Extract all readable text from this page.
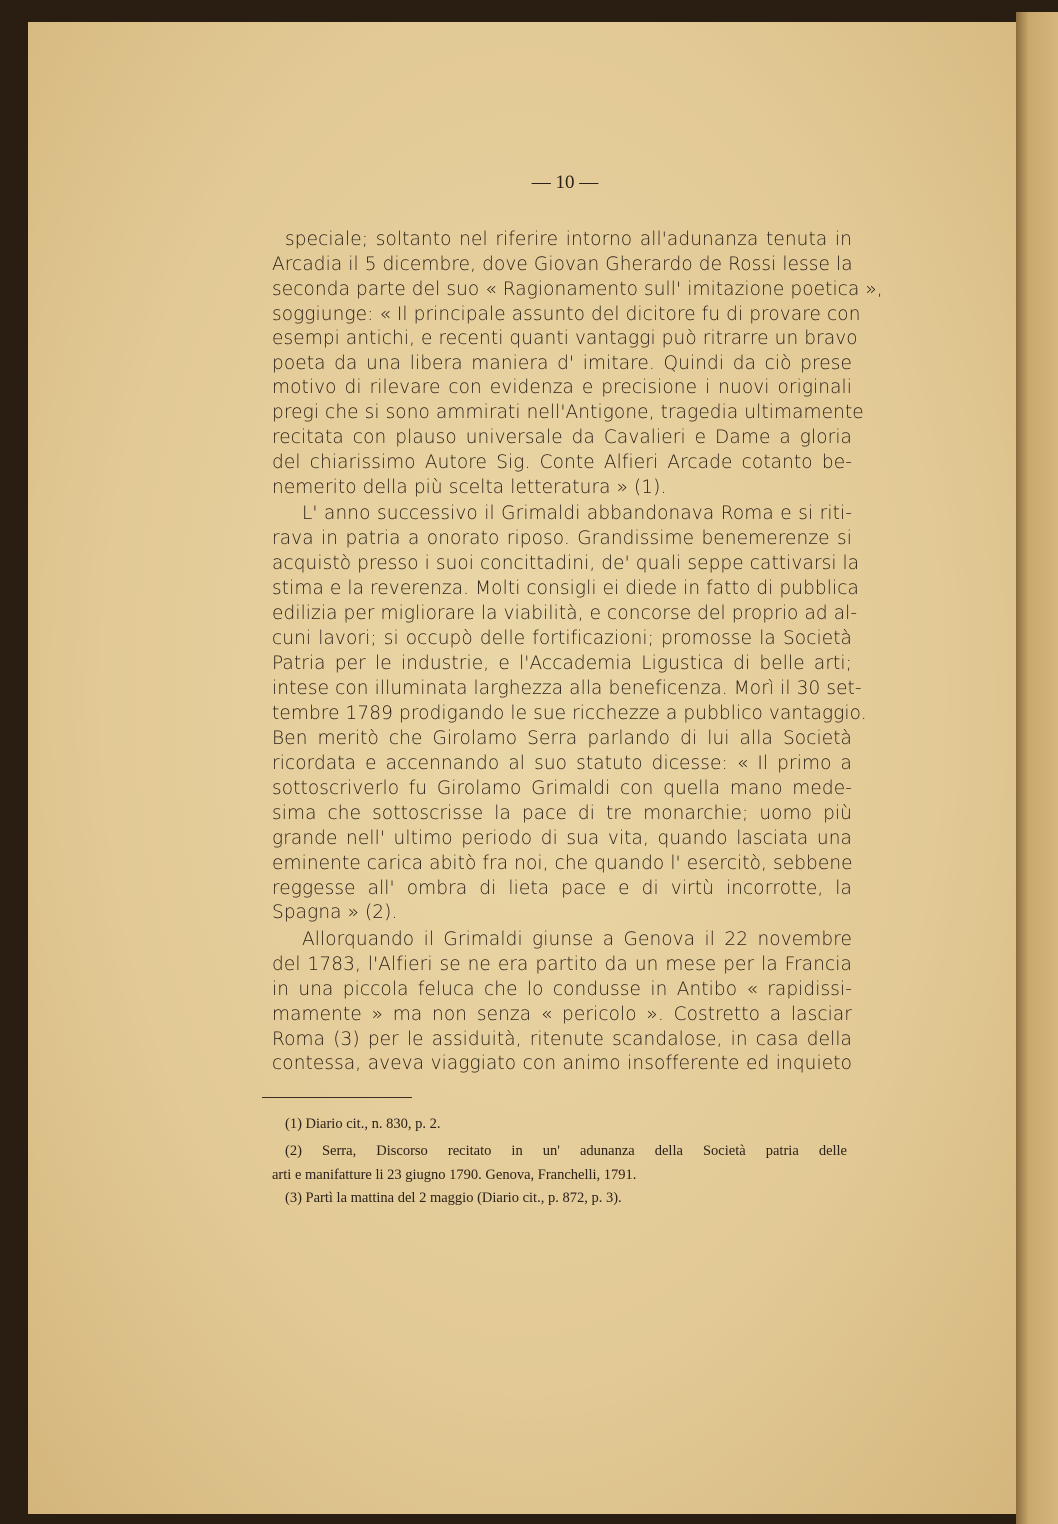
— 10 —
speciale; soltanto nel riferire intorno all'adunanza tenuta in
Arcadia il 5 dicembre, dove Giovan Gherardo de Rossi lesse la
seconda parte del suo « Ragionamento sull' imitazione poetica »,
soggiunge: « Il principale assunto del dicitore fu di provare con
esempi antichi, e recenti quanti vantaggi può ritrarre un bravo
poeta da una libera maniera d' imitare. Quindi da ciò prese
motivo di rilevare con evidenza e precisione i nuovi originali
pregi che si sono ammirati nell'Antigone, tragedia ultimamente
recitata con plauso universale da Cavalieri e Dame a gloria
del chiarissimo Autore Sig. Conte Alfieri Arcade cotanto be-
nemerito della più scelta letteratura » (1).
L' anno successivo il Grimaldi abbandonava Roma e si riti-
rava in patria a onorato riposo. Grandissime benemerenze si
acquistò presso i suoi concittadini, de' quali seppe cattivarsi la
stima e la reverenza. Molti consigli ei diede in fatto di pubblica
edilizia per migliorare la viabilità, e concorse del proprio ad al-
cuni lavori; si occupò delle fortificazioni; promosse la Società
Patria per le industrie, e l'Accademia Ligustica di belle arti;
intese con illuminata larghezza alla beneficenza. Morì il 30 set-
tembre 1789 prodigando le sue ricchezze a pubblico vantaggio.
Ben meritò che Girolamo Serra parlando di lui alla Società
ricordata e accennando al suo statuto dicesse: « Il primo a
sottoscriverlo fu Girolamo Grimaldi con quella mano mede-
sima che sottoscrisse la pace di tre monarchie; uomo più
grande nell' ultimo periodo di sua vita, quando lasciata una
eminente carica abitò fra noi, che quando l' esercitò, sebbene
reggesse all' ombra di lieta pace e di virtù incorrotte, la
Spagna » (2).
Allorquando il Grimaldi giunse a Genova il 22 novembre
del 1783, l'Alfieri se ne era partito da un mese per la Francia
in una piccola feluca che lo condusse in Antibo « rapidissi-
mamente » ma non senza « pericolo ». Costretto a lasciar
Roma (3) per le assiduità, ritenute scandalose, in casa della
contessa, aveva viaggiato con animo insofferente ed inquieto
(1) Diario cit., n. 830, p. 2.
(2) Serra, Discorso recitato in un' adunanza della Società patria delle
arti e manifatture li 23 giugno 1790. Genova, Franchelli, 1791.
(3) Partì la mattina del 2 maggio (Diario cit., p. 872, p. 3).
